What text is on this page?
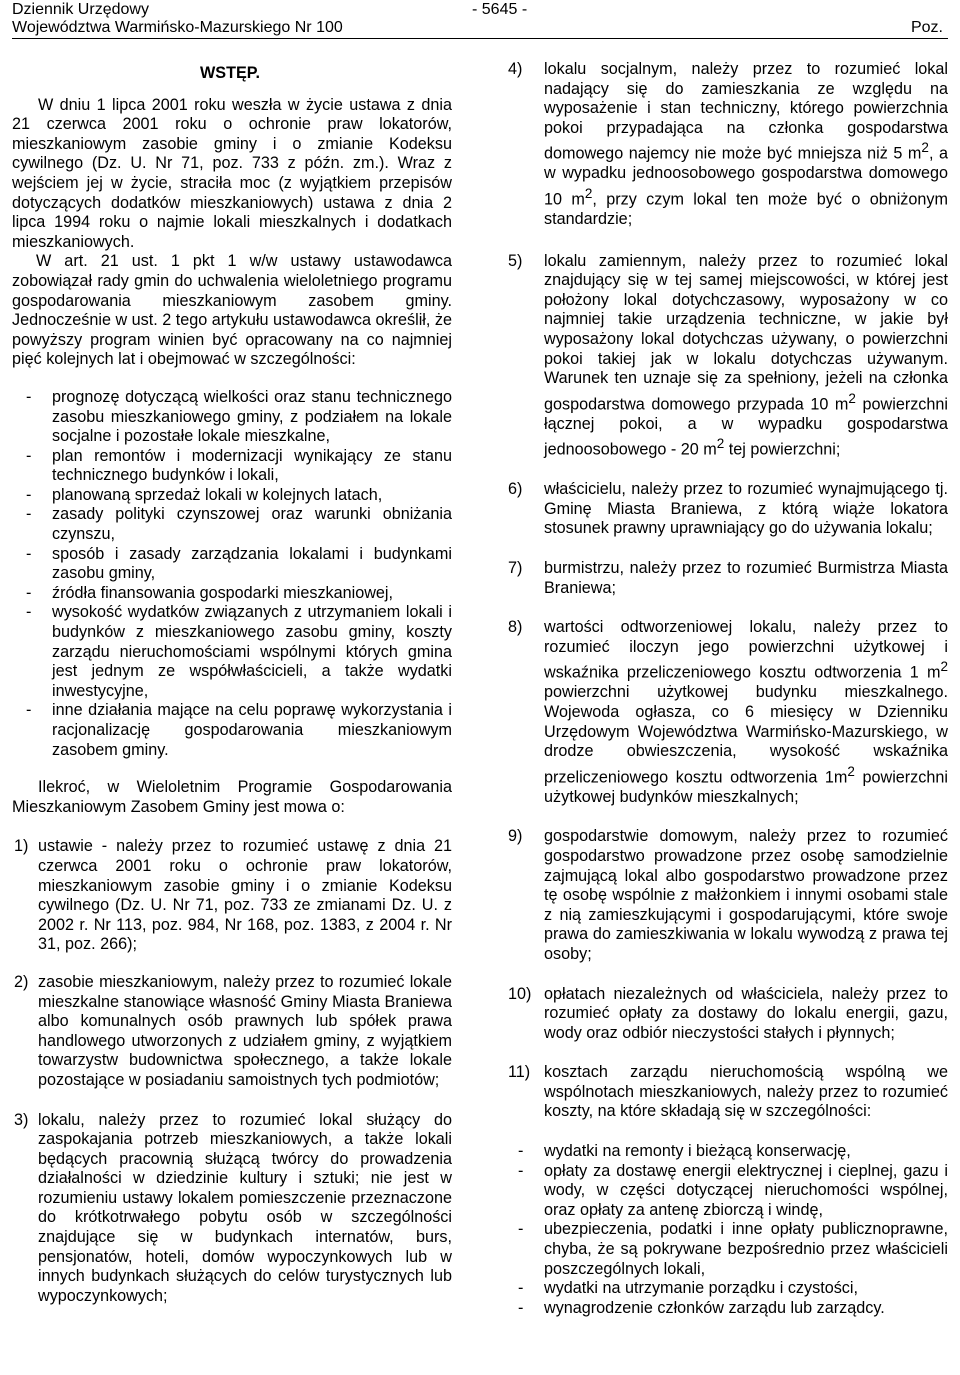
Dziennik Urzędowy
Województwa Warmińsko-Mazurskiego Nr 100
- 5645 -
Poz.

WSTĘP.

W dniu 1 lipca 2001 roku weszła w życie ustawa z dnia 21 czerwca 2001 roku o ochronie praw lokatorów, mieszkaniowym zasobie gminy i o zmianie Kodeksu cywilnego (Dz. U. Nr 71, poz. 733 z późn. zm.). Wraz z wejściem jej w życie, straciła moc (z wyjątkiem przepisów dotyczących dodatków mieszkaniowych) ustawa z dnia 2 lipca 1994 roku o najmie lokali mieszkalnych i dodatkach mieszkaniowych.

W art. 21 ust. 1 pkt 1 w/w ustawy ustawodawca zobowiązał rady gmin do uchwalenia wieloletniego programu gospodarowania mieszkaniowym zasobem gminy. Jednocześnie w ust. 2 tego artykułu ustawodawca określił, że powyższy program winien być opracowany na co najmniej pięć kolejnych lat i obejmować w szczególności:

- prognozę dotyczącą wielkości oraz stanu technicznego zasobu mieszkaniowego gminy, z podziałem na lokale socjalne i pozostałe lokale mieszkalne,
- plan remontów i modernizacji wynikający ze stanu technicznego budynków i lokali,
- planowaną sprzedaż lokali w kolejnych latach,
- zasady polityki czynszowej oraz warunki obniżania czynszu,
- sposób i zasady zarządzania lokalami i budynkami zasobu gminy,
- źródła finansowania gospodarki mieszkaniowej,
- wysokość wydatków związanych z utrzymaniem lokali i budynków z mieszkaniowego zasobu gminy, koszty zarządu nieruchomościami wspólnymi których gmina jest jednym ze współwłaścicieli, a także wydatki inwestycyjne,
- inne działania mające na celu poprawę wykorzystania i racjonalizację gospodarowania mieszkaniowym zasobem gminy.

Ilekroć, w Wieloletnim Programie Gospodarowania Mieszkaniowym Zasobem Gminy jest mowa o:

1) ustawie - należy przez to rozumieć ustawę z dnia 21 czerwca 2001 roku o ochronie praw lokatorów, mieszkaniowym zasobie gminy i o zmianie Kodeksu cywilnego (Dz. U. Nr 71, poz. 733 ze zmianami Dz. U. z 2002 r. Nr 113, poz. 984, Nr 168, poz. 1383, z 2004 r. Nr 31, poz. 266);
2) zasobie mieszkaniowym, należy przez to rozumieć lokale mieszkalne stanowiące własność Gminy Miasta Braniewa albo komunalnych osób prawnych lub spółek prawa handlowego utworzonych z udziałem gminy, z wyjątkiem towarzystw budownictwa społecznego, a także lokale pozostające w posiadaniu samoistnych tych podmiotów;
3) lokalu, należy przez to rozumieć lokal służący do zaspokajania potrzeb mieszkaniowych, a także lokali będących pracownią służącą twórcy do prowadzenia działalności w dziedzinie kultury i sztuki; nie jest w rozumieniu ustawy lokalem pomieszczenie przeznaczone do krótkotrwałego pobytu osób w szczególności znajdujące się w budynkach internatów, burs, pensjonatów, hoteli, domów wypoczynkowych lub w innych budynkach służących do celów turystycznych lub wypoczynkowych;
4)	lokalu socjalnym, należy przez to rozumieć lokal nadający się do zamieszkania ze względu na wyposażenie i stan techniczny, którego powierzchnia pokoi przypadająca na członka gospodarstwa domowego najemcy nie może być mniejsza niż 5 $m^2$, a w wypadku jednoosobowego gospodarstwa domowego 10 $m^2$, przy czym lokal ten może być o obniżonym standardzie;
5)	lokalu zamiennym, należy przez to rozumieć lokal znajdujący się w tej samej miejscowości, w której jest położony lokal dotychczasowy, wyposażony w co najmniej takie urządzenia techniczne, w jakie był wyposażony lokal dotychczas używany, o powierzchni pokoi takiej jak w lokalu dotychczas używanym. Warunek ten uznaje się za spełniony, jeżeli na członka gospodarstwa domowego przypada 10 $m^2$ powierzchni łącznej pokoi, a w wypadku gospodarstwa jednoosobowego - 20 $m^2$ tej powierzchni;
6)	właścicielu, należy przez to rozumieć wynajmującego tj. Gminę Miasta Braniewa, z którą wiąże lokatora stosunek prawny uprawniający go do używania lokalu;
7)	burmistrzu, należy przez to rozumieć Burmistrza Miasta Braniewa;
8)	wartości odtworzeniowej lokalu, należy przez to rozumieć iloczyn jego powierzchni użytkowej i wskaźnika przeliczeniowego kosztu odtworzenia 1 $m^2$ powierzchni użytkowej budynku mieszkalnego. Wojewoda ogłasza, co 6 miesięcy w Dzienniku Urzędowym Województwa Warmińsko-Mazurskiego, w drodze obwieszczenia, wysokość wskaźnika przeliczeniowego kosztu odtworzenia $1m^2$ powierzchni użytkowej budynków mieszkalnych;
9)	gospodarstwie domowym, należy przez to rozumieć gospodarstwo prowadzone przez osobę samodzielnie zajmującą lokal albo gospodarstwo prowadzone przez tę osobę wspólnie z małżonkiem i innymi osobami stale z nią zamieszkującymi i gospodarującymi, które swoje prawa do zamieszkiwania w lokalu wywodzą z prawa tej osoby;
10) opłatach niezależnych od właściciela, należy przez to rozumieć opłaty za dostawy do lokalu energii, gazu, wody oraz odbiór nieczystości stałych i płynnych;
11) kosztach zarządu nieruchomością wspólną we wspólnotach mieszkaniowych, należy przez to rozumieć koszty, na które składają się w szczególności:
- wydatki na remonty i bieżącą konserwację,
- opłaty za dostawę energii elektrycznej i cieplnej, gazu i wody, w części dotyczącej nieruchomości wspólnej, oraz opłaty za antenę zbiorczą i windę,
- ubezpieczenia, podatki i inne opłaty publicznoprawne, chyba, że są pokrywane bezpośrednio przez właścicieli poszczególnych lokali,
- wydatki na utrzymanie porządku i czystości,
- wynagrodzenie członków zarządu lub zarządcy.
